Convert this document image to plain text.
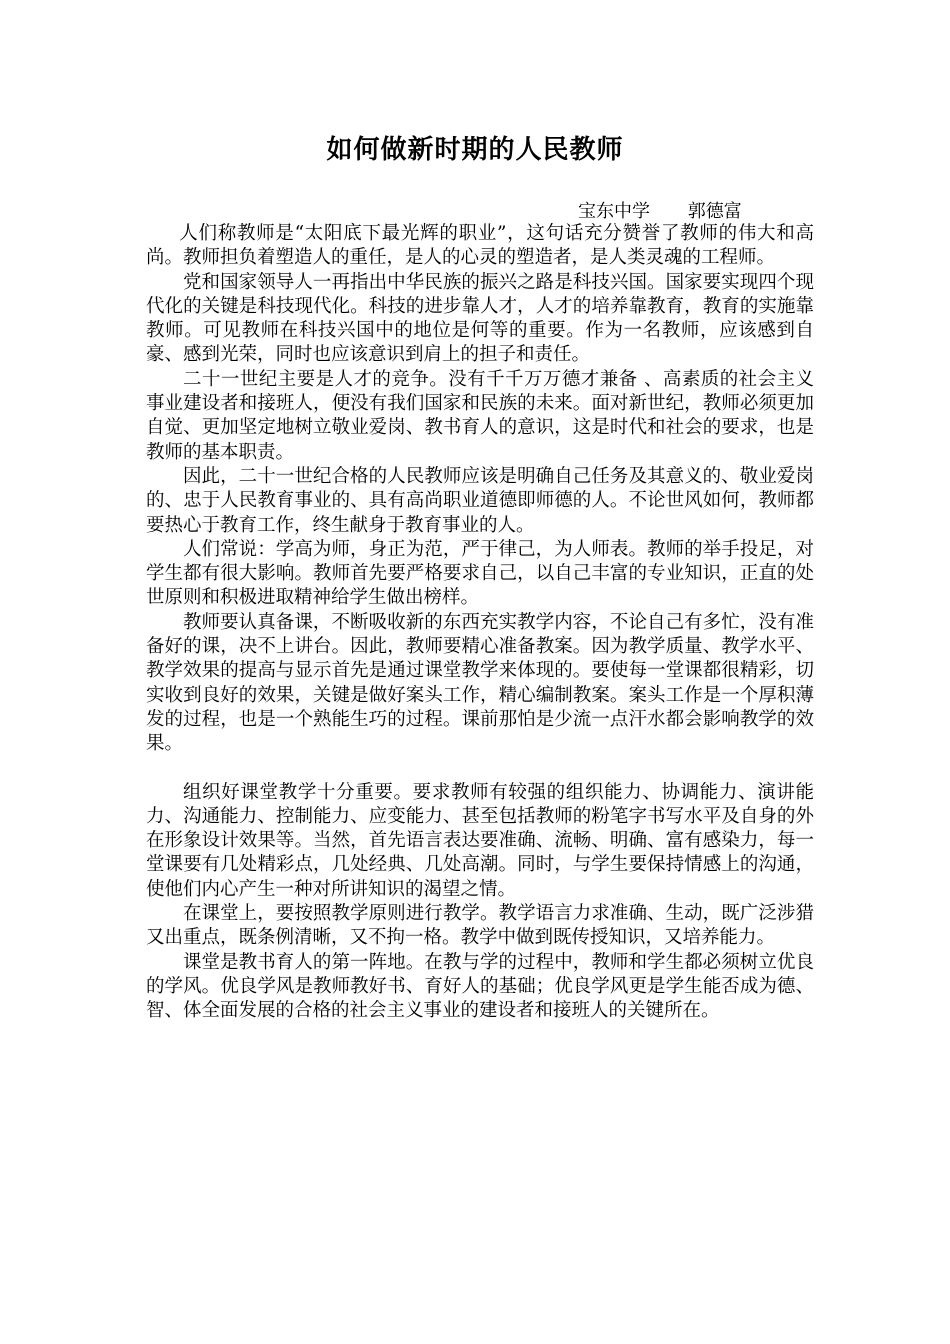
如何做新时期的人民教师
宝东中学 郭德富

人们称教师是“太阳底下最光辉的职业”，这句话充分赞誉了教师的伟大和高尚。教师担负着塑造人的重任，是人的心灵的塑造者，是人类灵魂的工程师。

党和国家领导人一再指出中华民族的振兴之路是科技兴国。国家要实现四个现代化的关键是科技现代化。科技的进步靠人才，人才的培养靠教育，教育的实施靠教师。可见教师在科技兴国中的地位是何等的重要。作为一名教师，应该感到自豪、感到光荣，同时也应该意识到肩上的担子和责任。

二十一世纪主要是人才的竞争。没有千千万万德才兼备 、高素质的社会主义事业建设者和接班人，便没有我们国家和民族的未来。面对新世纪，教师必须更加 自觉、更加坚定地树立敬业爱岗、教书育人的意识，这是时代和社会的要求，也是教师的基本职责。

因此，二十一世纪合格的人民教师应该是明确自己任务及其意义的、敬业爱岗的、忠于人民教育事业的、具有高尚职业道德即师德的人。不论世风如何，教师都要热心于教育工作，终生献身于教育事业的人。

人们常说：学高为师，身正为范，严于律己，为人师表。教师的举手投足，对学生都有很大影响。教师首先要严格要求自己，以自己丰富的专业知识，正直的处世原则和积极进取精神给学生做出榜样。

教师要认真备课，不断吸收新的东西充实教学内容，不论自己有多忙，没有准备好的课，决不上讲台。因此，教师要精心准备教案。因为教学质量、教学水平、教学效果的提高与显示首先是通过课堂教学来体现的。要使每一堂课都很精彩，切实收到良好的效果，关键是做好案头工作，精心编制教案。案头工作是一个厚积薄发的过程，也是一个熟能生巧的过程。课前那怕是少流一点汗水都会影响教学的效果。

组织好课堂教学十分重要。要求教师有较强的组织能力、协调能力、演讲能力、沟通能力、控制能力、应变能力、甚至包括教师的粉笔字书写水平及自身的外在形象设计效果等。当然，首先语言表达要准确、流畅、明确、富有感染力，每一堂课要有几处精彩点，几处经典、几处高潮。同时，与学生要保持情感上的沟通，使他们内心产生一种对所讲知识的渴望之情。

在课堂上，要按照教学原则进行教学。教学语言力求准确、生动，既广泛涉猎又出重点，既条例清晰，又不拘一格。教学中做到既传授知识，又培养能力。

课堂是教书育人的第一阵地。在教与学的过程中，教师和学生都必须树立优良的学风。优良学风是教师教好书、育好人的基础；优良学风更是学生能否成为德、智、体全面发展的合格的社会主义事业的建设者和接班人的关键所在。
